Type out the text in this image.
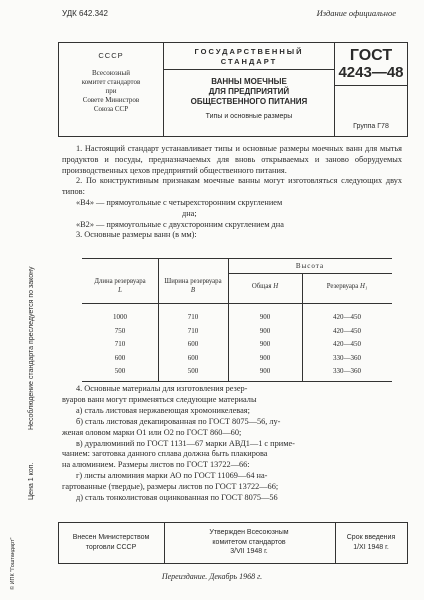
УДК 642.342	Издание официальное
Несоблюдение стандарта преследуется по закону
Цена 1 коп.
© ИПК "Гоштандарт"
СССР
Всесоюзный
комитет стандартов
при
Совете Министров
Союза ССР
ГОСУДАРСТВЕННЫЙ
СТАНДАРТ
ВАННЫ МОЕЧНЫЕ
ДЛЯ ПРЕДПРИЯТИЙ
ОБЩЕСТВЕННОГО ПИТАНИЯ
Типы и основные размеры
ГОСТ
4243—48
Группа Г78
1. Настоящий стандарт устанавливает типы и основные размеры моечных ванн для мытья продуктов и посуды, предназначаемых для вновь открываемых и заново оборудуемых производственных цехов предприятий общественного питания.
2. По конструктивным признакам моечные ванны могут изготовляться следующих двух типов:
«В4» — прямоугольные с четырехсторонним скруглением
дна;
«В2» — прямоугольные с двухсторонним скруглением дна
3. Основные размеры ванн (в мм):
Длина резервуара
L
Ширина резервуара
B
Высота
Общая H	Резервуара H₁
1000	710	900	420—450
750	710	900	420—450
710	600	900	420—450
600	600	900	330—360
500	500	900	330—360
4. Основные материалы для изготовления резер-
вуаров ванн могут применяться следующие материалы
а) сталь листовая нержавеющая хромоникелевая;
б) сталь листовая декапированная по ГОСТ 8075—56, лу-
женая оловом марки О1 или О2 по ГОСТ 860—60;
в) дуралюминий по ГОСТ 1131—67 марки АВД1—1 с приме-
чанием: заготовка данного сплава должна быть плакирова
на алюминием. Размеры листов по ГОСТ 13722—66:
г) листы алюминия марки АО по ГОСТ 11069—64 на-
гартованные (твердые), размеры листов по ГОСТ 13722—66;
д) сталь тонколистовая оцинкованная по ГОСТ 8075—56
Внесен Министерством
торговли СССР
Утвержден Всесоюзным
комитетом стандартов
3/VII 1948 г.
Срок введения
1/XI 1948 г.
Переиздание. Декабрь 1968 г.
